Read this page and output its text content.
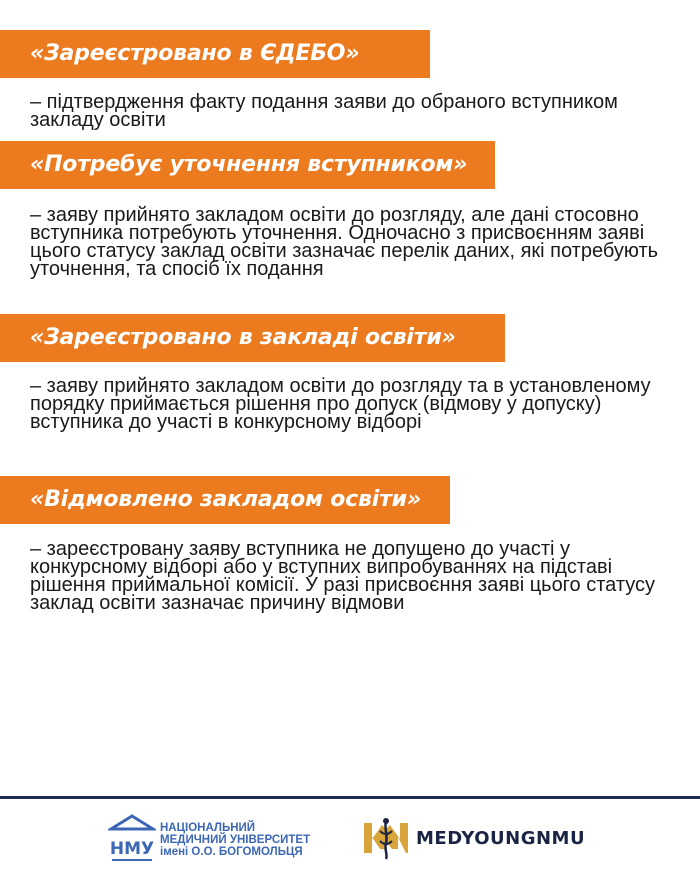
«Зареєстровано в ЄДЕБО»

– підтвердження факту подання заяви до обраного вступником закладу освіти

«Потребує уточнення вступником»

– заяву прийнято закладом освіти до розгляду, але дані стосовно вступника потребують уточнення. Одночасно з присвоєнням заяві цього статусу заклад освіти зазначає перелік даних, які потребують уточнення, та спосіб їх подання

«Зареєстровано в закладі освіти»

– заяву прийнято закладом освіти до розгляду та в установленому порядку приймається рішення про допуск (відмову у допуску) вступника до участі в конкурсному відборі

«Відмовлено закладом освіти»

– зареєстровану заяву вступника не допущено до участі у конкурсному відборі або у вступних випробуваннях на підставі рішення приймальної комісії. У разі присвоєння заяві цього статусу заклад освіти зазначає причину відмови

НМУ
НАЦІОНАЛЬНИЙ
МЕДИЧНИЙ УНІВЕРСИТЕТ
імені О.О. БОГОМОЛЬЦЯ
MEDYOUNGNMU
